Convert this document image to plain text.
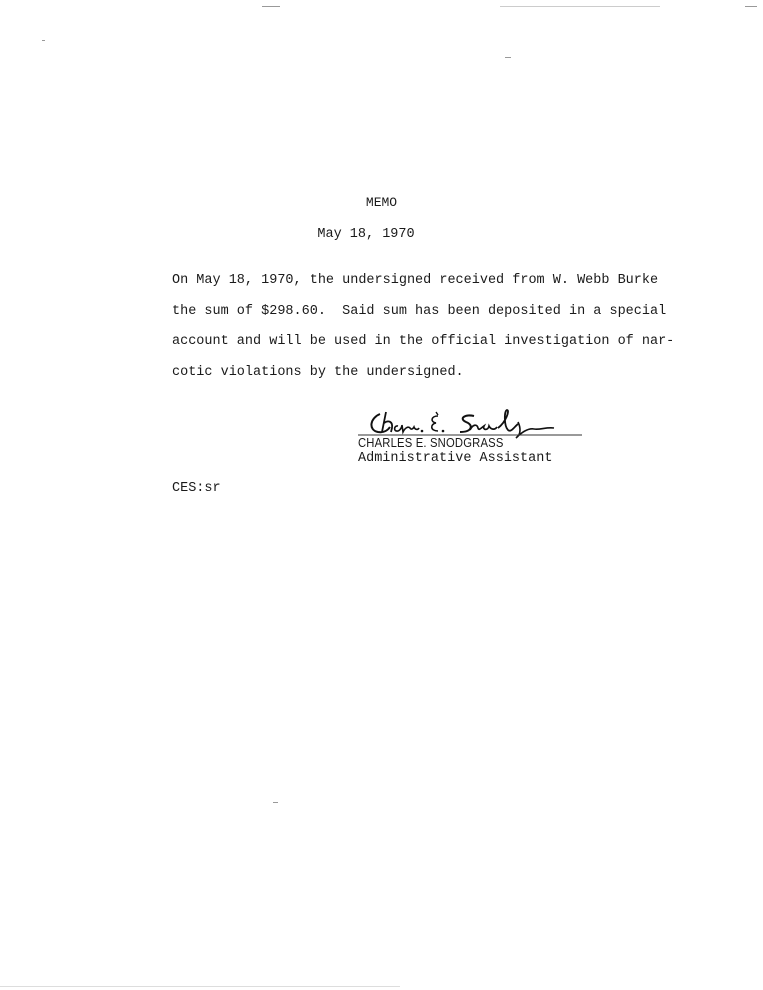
MEMO
May 18, 1970
On May 18, 1970, the undersigned received from W. Webb Burke
the sum of $298.60.  Said sum has been deposited in a special
account and will be used in the official investigation of nar-
cotic violations by the undersigned.
CHARLES E. SNODGRASS
Administrative Assistant
CES:sr
